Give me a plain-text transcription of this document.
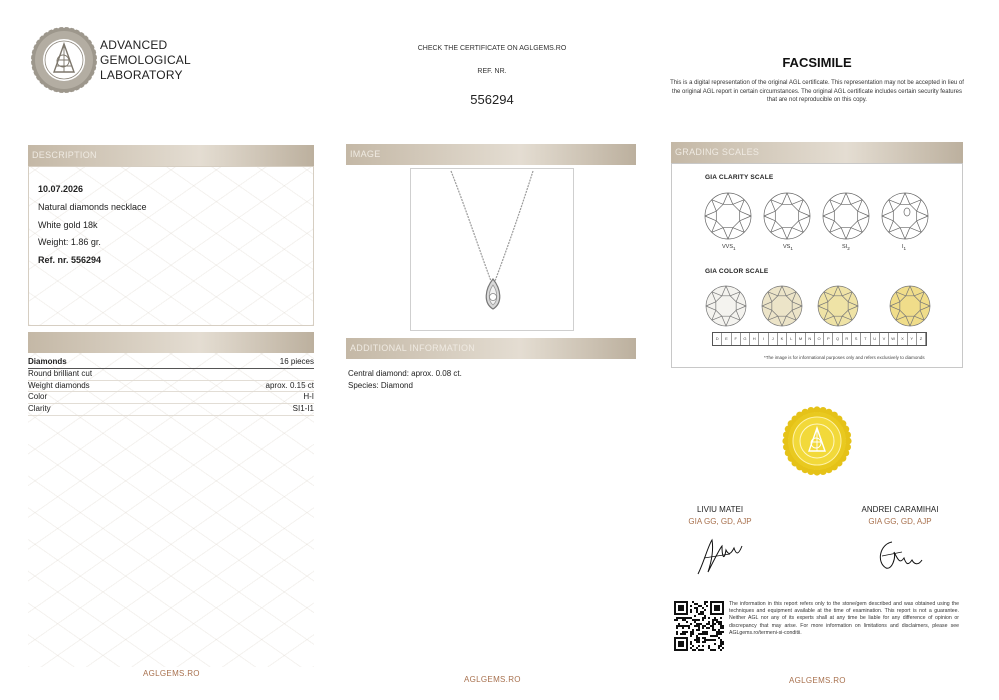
ADVANCED
GEMOLOGICAL
LABORATORY
CHECK THE CERTIFICATE ON AGLGEMS.RO
REF. NR.
556294
FACSIMILE
This is a digital representation of the original AGL certificate. This representation may not be accepted in lieu of the original AGL report in certain circumstances. The original AGL certificate includes certain security features that are not reproducible on this copy.
DESCRIPTION
10.07.2026
Natural diamonds necklace
White gold 18k
Weight: 1.86 gr.
Ref. nr. 556294
Diamonds	16 pieces
Round brilliant cut
Weight diamonds	aprox. 0.15 ct
Color	H-I
Clarity	SI1-I1
AGLGEMS.RO
IMAGE
ADDITIONAL INFORMATION
Central diamond: aprox. 0.08 ct.
Species: Diamond
AGLGEMS.RO
GRADING SCALES
GIA CLARITY SCALE
$VVS_1$	$VS_1$	$SI_2$	$I_1$
GIA COLOR SCALE
D	E	F	G	H	I	J	K	L	M	N	O	P	Q	R	S	T	U	V	W	X	Y	Z
*The image is for informational purposes only and refers exclusively to diamonds
LIVIU MATEI
GIA GG, GD, AJP
ANDREI CARAMIHAI
GIA GG, GD, AJP
The information in this report refers only to the stone/gem described and was obtained using the techniques and equipment available at the time of examination. This report is not a guarantee. Neither AGL nor any of its experts shall at any time be liable for any difference of opinion or discrepancy that may arise. For more information on limitations and disclaimers, please see AGLgems.ro/termeni-si-conditii.
AGLGEMS.RO
